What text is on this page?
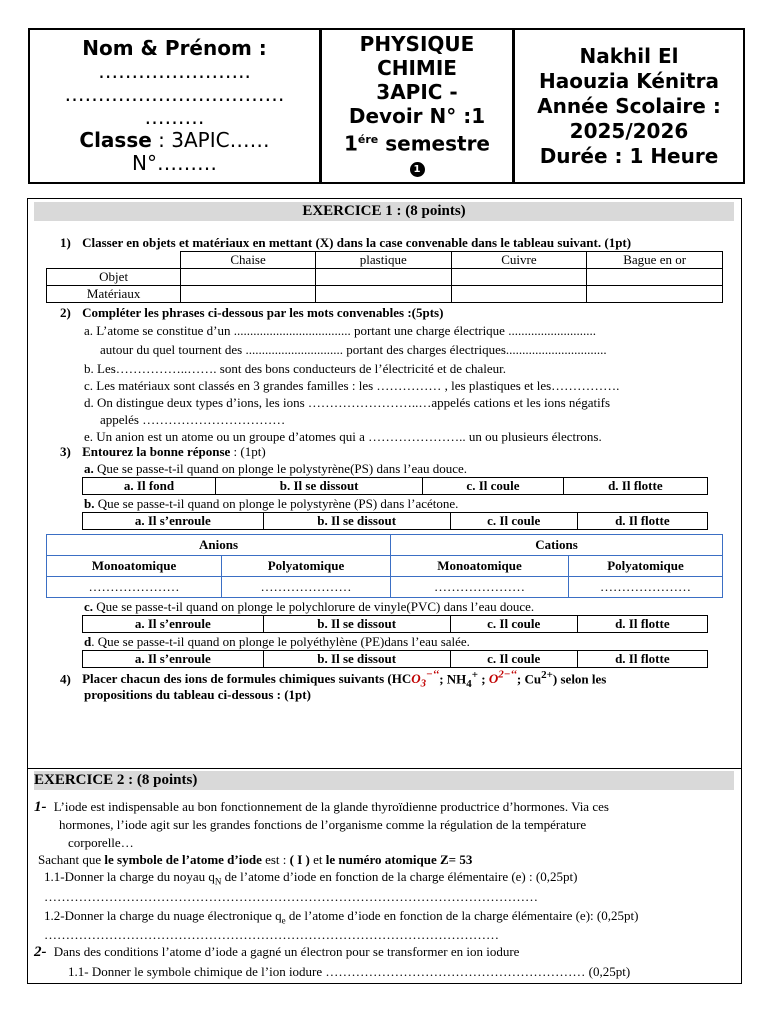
Nom & Prénom :
…………………..
……………………………
………
Classe : 3APIC……
N°………
PHYSIQUE
CHIMIE
3APIC -
Devoir N° :1
$1^{ére}$ semestre
1
Nakhil El
Haouzia Kénitra
Année Scolaire :
2025/2026
Durée : 1 Heure
EXERCICE 1 : (8 points)
1) Classer en objets et matériaux en mettant (X) dans la case convenable dans le tableau suivant. (1pt)
	Chaise	plastique	Cuivre	Bague en or
Objet				
Matériaux				
2) Compléter les phrases ci-dessous par les mots convenables :(5pts)
a. L’atome se constitue d’un .................................... portant une charge électrique ...........................
autour du quel tournent des .............................. portant des charges électriques...............................
b. Les……………..……. sont des bons conducteurs de l’électricité et de chaleur.
c. Les matériaux sont classés en 3 grandes familles : les …………… , les plastiques et les…………….
d. On distingue deux types d’ions, les ions ……………………..…appelés cations et les ions négatifs
appelés ……………………………
e. Un anion est un atome ou un groupe d’atomes qui a ………………….. un ou plusieurs électrons.
3) Entourez la bonne réponse : (1pt)
a. Que se passe-t-il quand on plonge le polystyrène(PS) dans l’eau douce.
a. Il fond	b. Il se dissout	c. Il coule	d. Il flotte
b. Que se passe-t-il quand on plonge le polystyrène (PS) dans l’acétone.
a. Il s’enroule	b. Il se dissout	c. Il coule	d. Il flotte
Anions		Cations	
Monoatomique	Polyatomique	Monoatomique	Polyatomique
…………………	…………………	…………………	…………………
c. Que se passe-t-il quand on plonge le polychlorure de vinyle(PVC) dans l’eau douce.
a. Il s’enroule	b. Il se dissout	c. Il coule	d. Il flotte
d. Que se passe-t-il quand on plonge le polyéthylène (PE)dans l’eau salée.
a. Il s’enroule	b. Il se dissout	c. Il coule	d. Il flotte
4) Placer chacun des ions de formules chimiques suivants ($HCO_3^{-‘‘}$; $NH_4^+$ ; $O^{2-‘‘}$; $Cu^{2+}$) selon les
propositions du tableau ci-dessous : (1pt)
EXERCICE 2 : (8 points)
1- L’iode est indispensable au bon fonctionnement de la glande thyroïdienne productrice d’hormones. Via ces
hormones, l’iode agit sur les grandes fonctions de l’organisme comme la régulation de la température
corporelle…
Sachant que le symbole de l’atome d’iode est : ( I ) et le numéro atomique Z= 53
1.1-Donner la charge du noyau $q_N$ de l’atome d’iode en fonction de la charge élémentaire (e) : (0,25pt)
……………………………………………………………………………………………………
1.2-Donner la charge du nuage électronique $q_e$ de l’atome d’iode en fonction de la charge élémentaire (e): (0,25pt)
……………………………………………………………………………………………
2- Dans des conditions l’atome d’iode a gagné un électron pour se transformer en ion iodure
1.1- Donner le symbole chimique de l’ion iodure …………………………………………………… (0,25pt)
